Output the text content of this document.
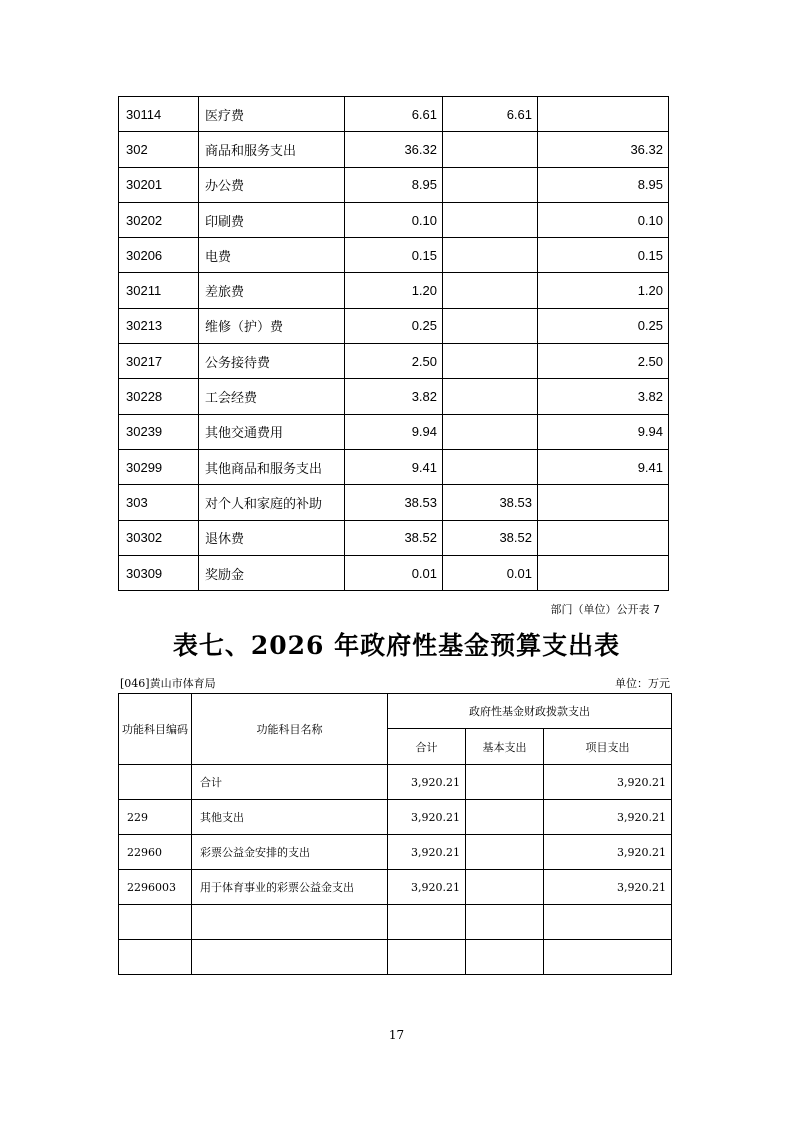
30114	医疗费	6.61	6.61	
302	商品和服务支出	36.32		36.32
30201	办公费	8.95		8.95
30202	印刷费	0.10		0.10
30206	电费	0.15		0.15
30211	差旅费	1.20		1.20
30213	维修（护）费	0.25		0.25
30217	公务接待费	2.50		2.50
30228	工会经费	3.82		3.82
30239	其他交通费用	9.94		9.94
30299	其他商品和服务支出	9.41		9.41
303	对个人和家庭的补助	38.53	38.53	
30302	退休费	38.52	38.52	
30309	奖励金	0.01	0.01	
部门（单位）公开表 7
表七、2026 年政府性基金预算支出表
[046]黄山市体育局	单位：万元
功能科目编码	功能科目名称	政府性基金财政拨款支出		
		合计	基本支出	项目支出
	合计	3,920.21		3,920.21
229	其他支出	3,920.21		3,920.21
22960	彩票公益金安排的支出	3,920.21		3,920.21
2296003	用于体育事业的彩票公益金支出	3,920.21		3,920.21

17
